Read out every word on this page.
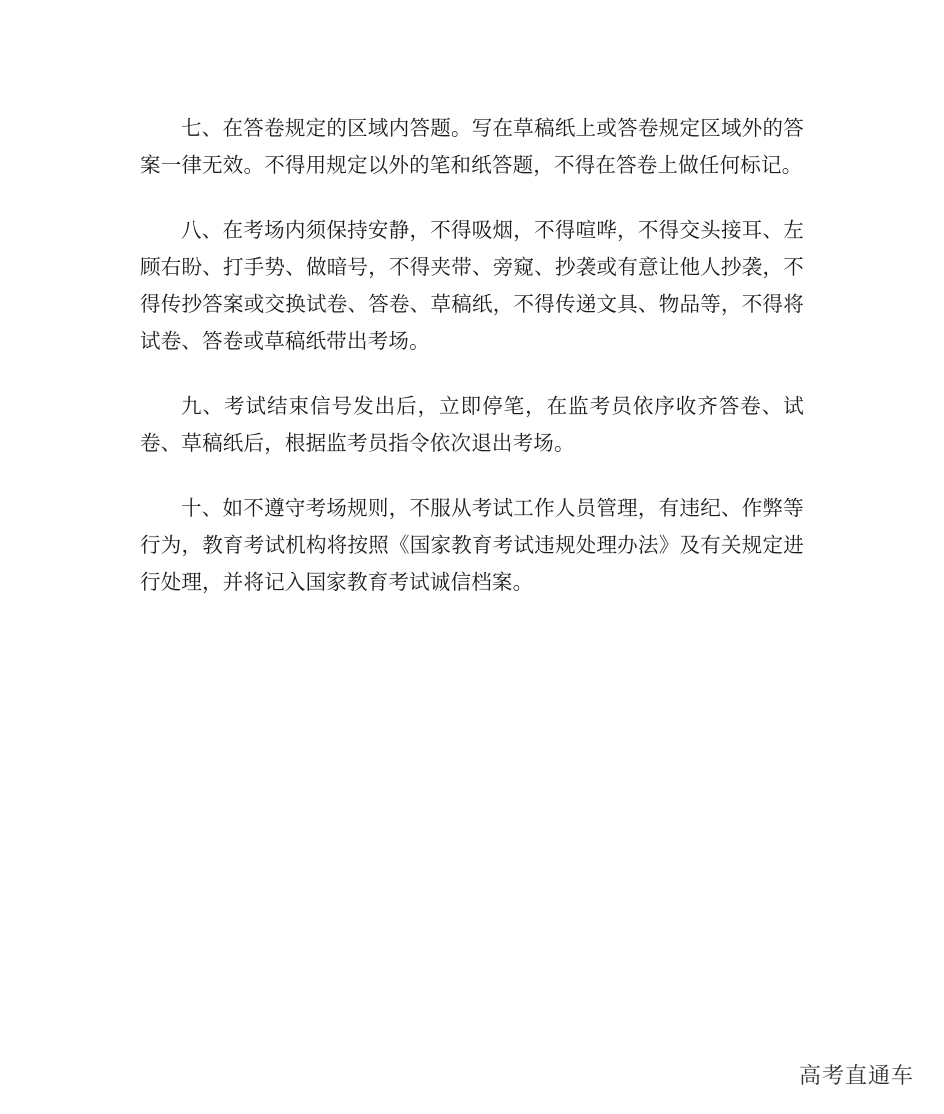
七、在答卷规定的区域内答题。写在草稿纸上或答卷规定区域外的答案一律无效。不得用规定以外的笔和纸答题，不得在答卷上做任何标记。

八、在考场内须保持安静，不得吸烟，不得喧哗，不得交头接耳、左顾右盼、打手势、做暗号，不得夹带、旁窥、抄袭或有意让他人抄袭，不得传抄答案或交换试卷、答卷、草稿纸，不得传递文具、物品等，不得将试卷、答卷或草稿纸带出考场。

九、考试结束信号发出后，立即停笔，在监考员依序收齐答卷、试卷、草稿纸后，根据监考员指令依次退出考场。

十、如不遵守考场规则，不服从考试工作人员管理，有违纪、作弊等行为，教育考试机构将按照《国家教育考试违规处理办法》及有关规定进行处理，并将记入国家教育考试诚信档案。

高考直通车
